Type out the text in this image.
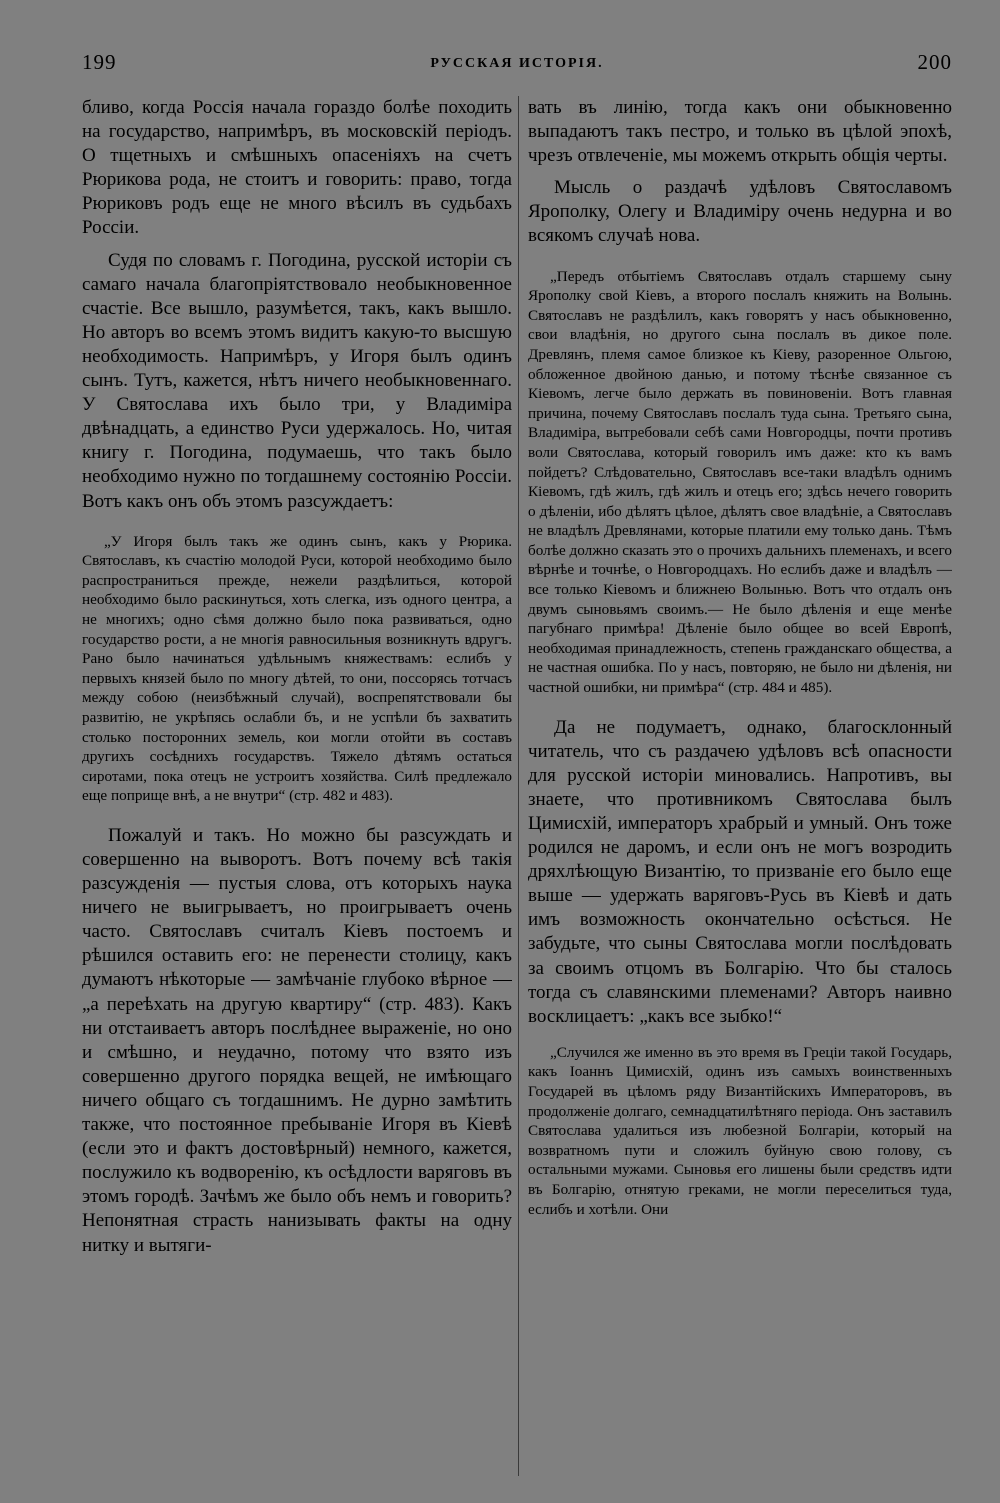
199	РУССКАЯ ИСТОРІЯ.	200

бливо, когда Россія начала гораздо болѣе походить на государство, напримѣръ, въ московскій періодъ. О тщетныхъ и смѣшныхъ опасеніяхъ на счетъ Рюрикова рода, не стоитъ и говорить: право, тогда Рюриковъ родъ еще не много вѣсилъ въ судьбахъ Россіи.

Судя по словамъ г. Погодина, русской исторіи съ самаго начала благопріятствовало необыкновенное счастіе. Все вышло, разумѣется, такъ, какъ вышло. Но авторъ во всемъ этомъ видитъ какую-то высшую необходимость. Напримѣръ, у Игоря былъ одинъ сынъ. Тутъ, кажется, нѣтъ ничего необыкновеннаго. У Святослава ихъ было три, у Владиміра двѣнадцать, а единство Руси удержалось. Но, читая книгу г. Погодина, подумаешь, что такъ было необходимо нужно по тогдашнему состоянію Россіи. Вотъ какъ онъ объ этомъ разсуждаетъ:

„У Игоря былъ такъ же одинъ сынъ, какъ у Рюрика. Святославъ, къ счастію молодой Руси, которой необходимо было распространиться прежде, нежели раздѣлиться, которой необходимо было раскинуться, хоть слегка, изъ одного центра, а не многихъ; одно сѣмя должно было пока развиваться, одно государство рости, а не многія равносильныя возникнуть вдругъ. Рано было начинаться удѣльнымъ княжествамъ: еслибъ у первыхъ князей было по многу дѣтей, то они, поссорясь тотчасъ между собою (неизбѣжный случай), воспрепятствовали бы развитію, не укрѣпясь ослабли бъ, и не успѣли бъ захватить столько посторонних земель, кои могли отойти въ составъ другихъ сосѣднихъ государствъ. Тяжело дѣтямъ остаться сиротами, пока отецъ не устроитъ хозяйства. Силѣ предлежало еще поприще внѣ, а не внутри“ (стр. 482 и 483).

Пожалуй и такъ. Но можно бы разсуждать и совершенно на выворотъ. Вотъ почему всѣ такія разсужденія — пустыя слова, отъ которыхъ наука ничего не выигрываетъ, но проигрываетъ очень часто. Святославъ считалъ Кіевъ постоемъ и рѣшился оставить его: не перенести столицу, какъ думаютъ нѣкоторые — замѣчаніе глубоко вѣрное — „а переѣхать на другую квартиру“ (стр. 483). Какъ ни отстаиваетъ авторъ послѣднее выраженіе, но оно и смѣшно, и неудачно, потому что взято изъ совершенно другого порядка вещей, не имѣющаго ничего общаго съ тогдашнимъ. Не дурно замѣтить также, что постоянное пребываніе Игоря въ Кіевѣ (если это и фактъ достовѣрный) немного, кажется, послужило къ водворенію, къ осѣдлости варяговъ въ этомъ городѣ. Зачѣмъ же было объ немъ и говорить? Непонятная страсть нанизывать факты на одну нитку и вытяги-

вать въ линію, тогда какъ они обыкновенно выпадаютъ такъ пестро, и только въ цѣлой эпохѣ, чрезъ отвлеченіе, мы можемъ открыть общія черты.

Мысль о раздачѣ удѣловъ Святославомъ Ярополку, Олегу и Владиміру очень недурна и во всякомъ случаѣ нова.

„Передъ отбытіемъ Святославъ отдалъ старшему сыну Ярополку свой Кіевъ, а второго послалъ княжить на Волынь. Святославъ не раздѣлилъ, какъ говорятъ у насъ обыкновенно, свои владѣнія, но другого сына послалъ въ дикое поле. Древлянъ, племя самое близкое къ Кіеву, разоренное Ольгою, обложенное двойною данью, и потому тѣснѣе связанное съ Кіевомъ, легче было держать въ повиновеніи. Вотъ главная причина, почему Святославъ послалъ туда сына. Третьяго сына, Владиміра, вытребовали себѣ сами Новгородцы, почти противъ воли Святослава, который говорилъ имъ даже: кто къ вамъ пойдетъ? Слѣдовательно, Святославъ все-таки владѣлъ однимъ Кіевомъ, гдѣ жилъ, гдѣ жилъ и отецъ его; здѣсь нечего говорить о дѣленіи, ибо дѣлятъ цѣлое, дѣлятъ свое владѣніе, а Святославъ не владѣлъ Древлянами, которые платили ему только дань. Тѣмъ болѣе должно сказать это о прочихъ дальнихъ племенахъ, и всего вѣрнѣе и точнѣе, о Новгородцахъ. Но еслибъ даже и владѣлъ — все только Кіевомъ и ближнею Волынью. Вотъ что отдалъ онъ двумъ сыновьямъ своимъ.— Не было дѣленія и еще менѣе пагубнаго примѣра! Дѣленіе было общее во всей Европѣ, необходимая принадлежность, степень гражданскаго общества, а не частная ошибка. По у насъ, повторяю, не было ни дѣленія, ни частной ошибки, ни примѣра“ (стр. 484 и 485).

Да не подумаетъ, однако, благосклонный читатель, что съ раздачею удѣловъ всѣ опасности для русской исторіи миновались. Напротивъ, вы знаете, что противникомъ Святослава былъ Цимисхій, императоръ храбрый и умный. Онъ тоже родился не даромъ, и если онъ не могъ возродить дряхлѣющую Византію, то призваніе его было еще выше — удержать варяговъ-Русь въ Кіевѣ и дать имъ возможность окончательно осѣсться. Не забудьте, что сыны Святослава могли послѣдовать за своимъ отцомъ въ Болгарію. Что бы сталось тогда съ славянскими племенами? Авторъ наивно восклицаетъ: „какъ все зыбко!“

„Случился же именно въ это время въ Греціи такой Государь, какъ Іоаннъ Цимисхій, одинъ изъ самыхъ воинственныхъ Государей въ цѣломъ ряду Византійскихъ Императоровъ, въ продолженіе долгаго, семнадцатилѣтняго періода. Онъ заставилъ Святослава удалиться изъ любезной Болгаріи, который на возвратномъ пути и сложилъ буйную свою голову, съ остальными мужами. Сыновья его лишены были средствъ идти въ Болгарію, отнятую греками, не могли переселиться туда, еслибъ и хотѣли. Они
